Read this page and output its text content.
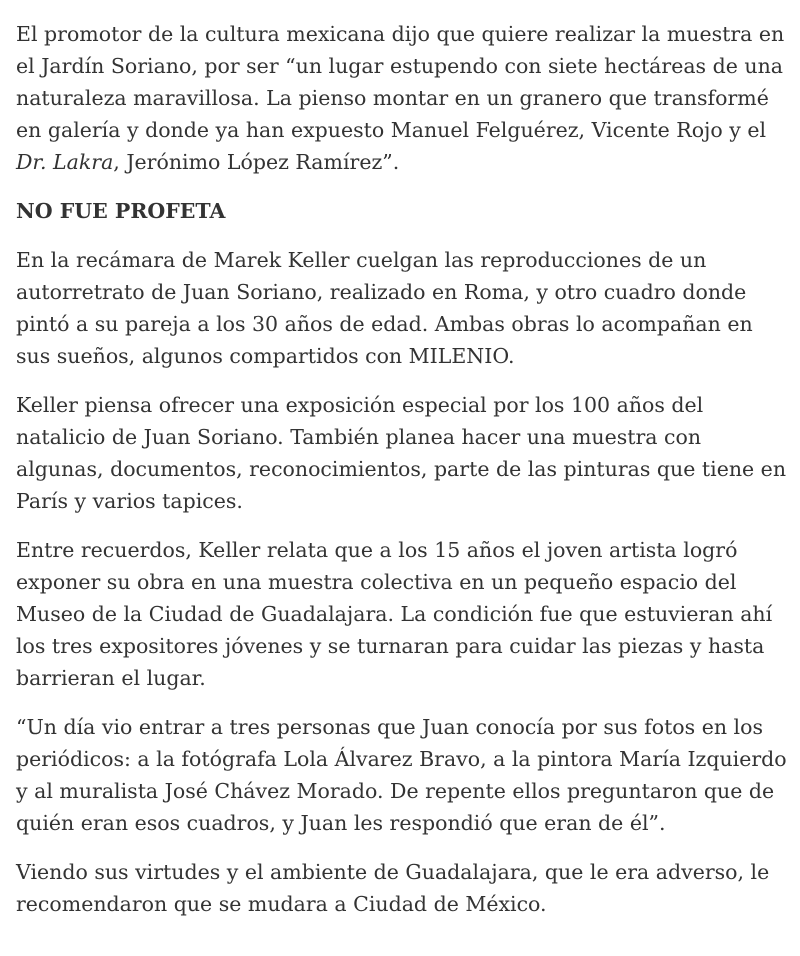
El promotor de la cultura mexicana dijo que quiere realizar la muestra en el Jardín Soriano, por ser “un lugar estupendo con siete hectáreas de una naturaleza maravillosa. La pienso montar en un granero que transformé en galería y donde ya han expuesto Manuel Felguérez, Vicente Rojo y el Dr. Lakra, Jerónimo López Ramírez”.

NO FUE PROFETA

En la recámara de Marek Keller cuelgan las reproducciones de un autorretrato de Juan Soriano, realizado en Roma, y otro cuadro donde pintó a su pareja a los 30 años de edad. Ambas obras lo acompañan en sus sueños, algunos compartidos con MILENIO.

Keller piensa ofrecer una exposición especial por los 100 años del natalicio de Juan Soriano. También planea hacer una muestra con algunas, documentos, reconocimientos, parte de las pinturas que tiene en París y varios tapices.

Entre recuerdos, Keller relata que a los 15 años el joven artista logró exponer su obra en una muestra colectiva en un pequeño espacio del Museo de la Ciudad de Guadalajara. La condición fue que estuvieran ahí los tres expositores jóvenes y se turnaran para cuidar las piezas y hasta barrieran el lugar.

“Un día vio entrar a tres personas que Juan conocía por sus fotos en los periódicos: a la fotógrafa Lola Álvarez Bravo, a la pintora María Izquierdo y al muralista José Chávez Morado. De repente ellos preguntaron que de quién eran esos cuadros, y Juan les respondió que eran de él”.

Viendo sus virtudes y el ambiente de Guadalajara, que le era adverso, le recomendaron que se mudara a Ciudad de México.
